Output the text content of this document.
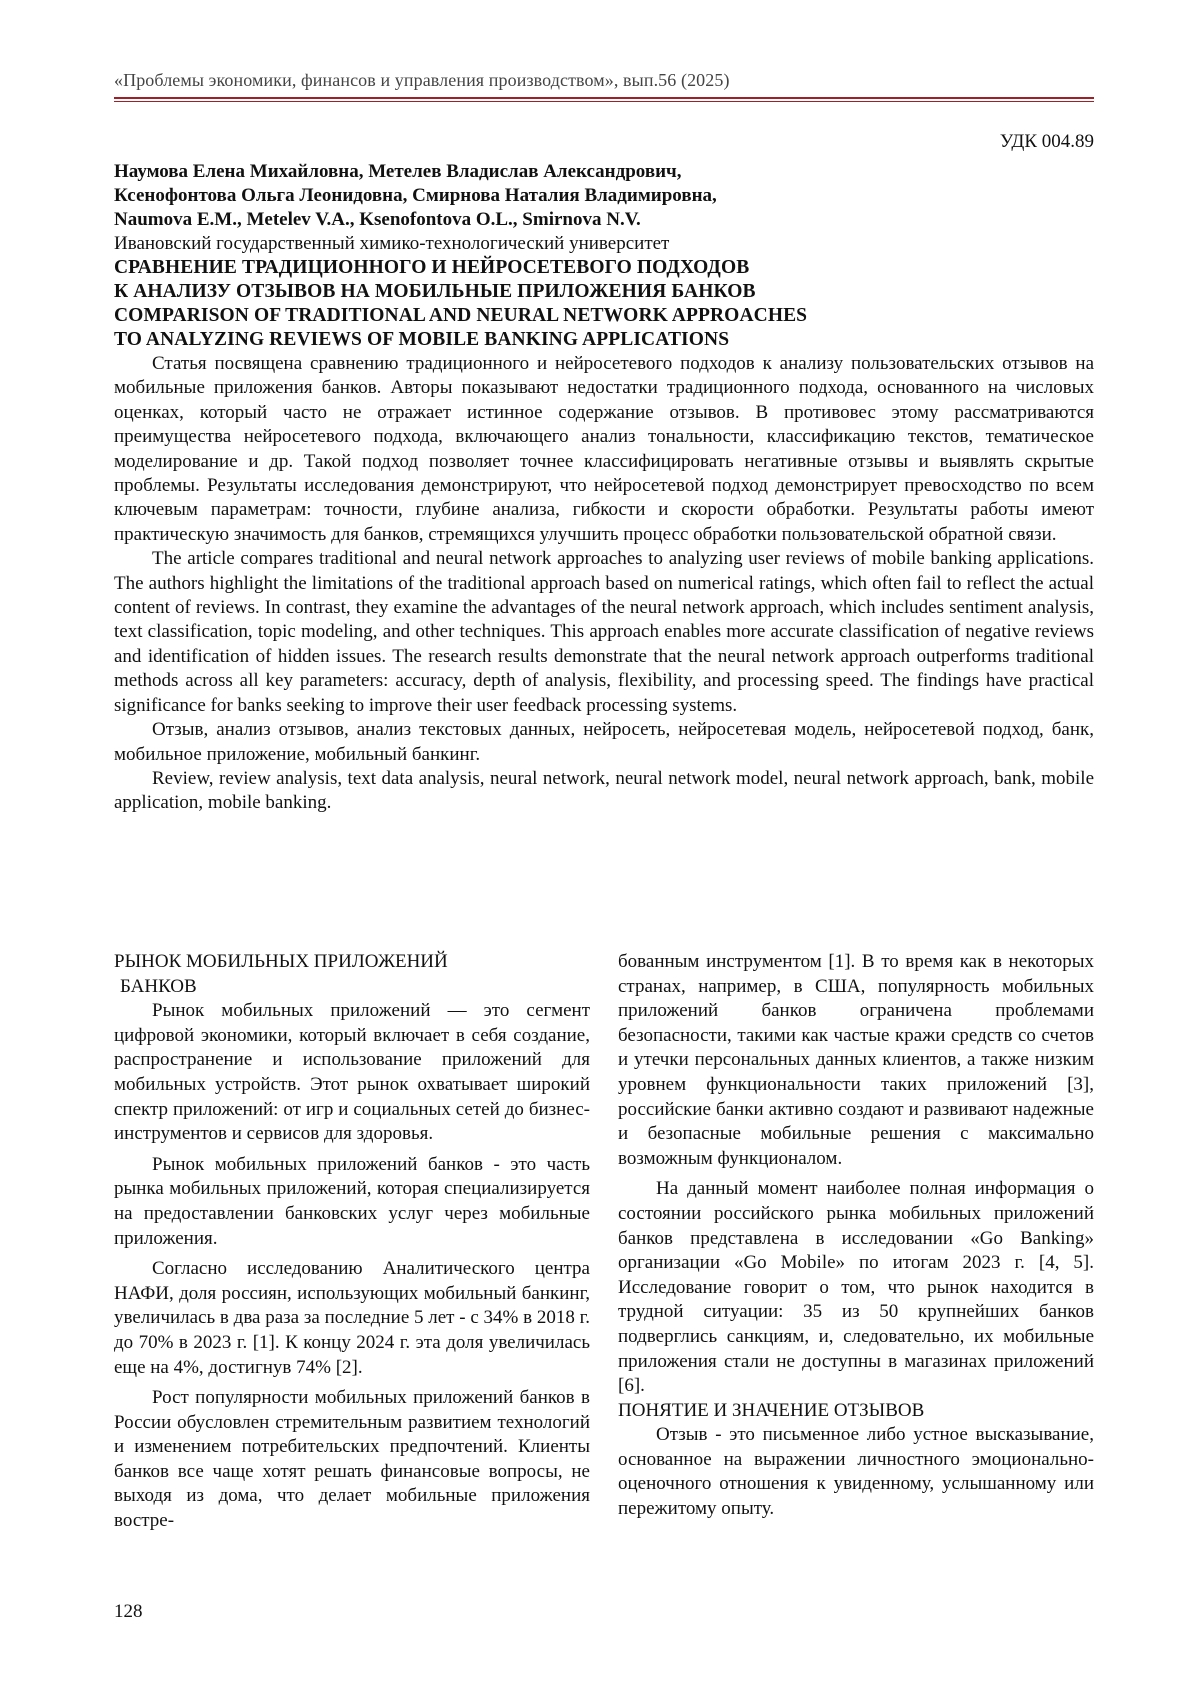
«Проблемы экономики, финансов и управления производством», вып.56 (2025)
УДК 004.89

Наумова Елена Михайловна, Метелев Владислав Александрович,

Ксенофонтова Ольга Леонидовна, Смирнова Наталия Владимировна,

Naumova E.M., Metelev V.A., Ksenofontova O.L., Smirnova N.V.

Ивановский государственный химико-технологический университет

СРАВНЕНИЕ ТРАДИЦИОННОГО И НЕЙРОСЕТЕВОГО ПОДХОДОВ

К АНАЛИЗУ ОТЗЫВОВ НА МОБИЛЬНЫЕ ПРИЛОЖЕНИЯ БАНКОВ

COMPARISON OF TRADITIONAL AND NEURAL NETWORK APPROACHES

TO ANALYZING REVIEWS OF MOBILE BANKING APPLICATIONS

Статья посвящена сравнению традиционного и нейросетевого подходов к анализу пользовательских отзывов на мобильные приложения банков. Авторы показывают недостатки традиционного подхода, основанного на числовых оценках, который часто не отражает истинное содержание отзывов. В противовес этому рассматриваются преимущества нейросетевого подхода, включающего анализ тональности, классификацию текстов, тематическое моделирование и др. Такой подход позволяет точнее классифицировать негативные отзывы и выявлять скрытые проблемы. Результаты исследования демонстрируют, что нейросетевой подход демонстрирует превосходство по всем ключевым параметрам: точности, глубине анализа, гибкости и скорости обработки. Результаты работы имеют практическую значимость для банков, стремящихся улучшить процесс обработки пользовательской обратной связи.

The article compares traditional and neural network approaches to analyzing user reviews of mobile banking applications. The authors highlight the limitations of the traditional approach based on numerical ratings, which often fail to reflect the actual content of reviews. In contrast, they examine the advantages of the neural network approach, which includes sentiment analysis, text classification, topic modeling, and other techniques. This approach enables more accurate classification of negative reviews and identification of hidden issues. The research results demonstrate that the neural network approach outperforms traditional methods across all key parameters: accuracy, depth of analysis, flexibility, and processing speed. The findings have practical significance for banks seeking to improve their user feedback processing systems.

Отзыв, анализ отзывов, анализ текстовых данных, нейросеть, нейросетевая модель, нейросетевой подход, банк, мобильное приложение, мобильный банкинг.

Review, review analysis, text data analysis, neural network, neural network model, neural network approach, bank, mobile application, mobile banking.

РЫНОК МОБИЛЬНЫХ ПРИЛОЖЕНИЙ
БАНКОВ

Рынок мобильных приложений — это сегмент цифровой экономики, который включает в себя создание, распространение и использование приложений для мобильных устройств. Этот рынок охватывает широкий спектр приложений: от игр и социальных сетей до бизнес-инструментов и сервисов для здоровья.

Рынок мобильных приложений банков - это часть рынка мобильных приложений, которая специализируется на предоставлении банковских услуг через мобильные приложения.

Согласно исследованию Аналитического центра НАФИ, доля россиян, использующих мобильный банкинг, увеличилась в два раза за последние 5 лет - с 34% в 2018 г. до 70% в 2023 г. [1]. К концу 2024 г. эта доля увеличилась еще на 4%, достигнув 74% [2].

Рост популярности мобильных приложений банков в России обусловлен стремительным развитием технологий и изменением потребительских предпочтений. Клиенты банков все чаще хотят решать финансовые вопросы, не выходя из дома, что делает мобильные приложения востре-

бованным инструментом [1]. В то время как в некоторых странах, например, в США, популярность мобильных приложений банков ограничена проблемами безопасности, такими как частые кражи средств со счетов и утечки персональных данных клиентов, а также низким уровнем функциональности таких приложений [3], российские банки активно создают и развивают надежные и безопасные мобильные решения с максимально возможным функционалом.

На данный момент наиболее полная информация о состоянии российского рынка мобильных приложений банков представлена в исследовании «Go Banking» организации «Go Mobile» по итогам 2023 г. [4, 5]. Исследование говорит о том, что рынок находится в трудной ситуации: 35 из 50 крупнейших банков подверглись санкциям, и, следовательно, их мобильные приложения стали не доступны в магазинах приложений [6].

ПОНЯТИЕ И ЗНАЧЕНИЕ ОТЗЫВОВ

Отзыв - это письменное либо устное высказывание, основанное на выражении личностного эмоционально-оценочного отношения к увиденному, услышанному или пережитому опыту.

128
